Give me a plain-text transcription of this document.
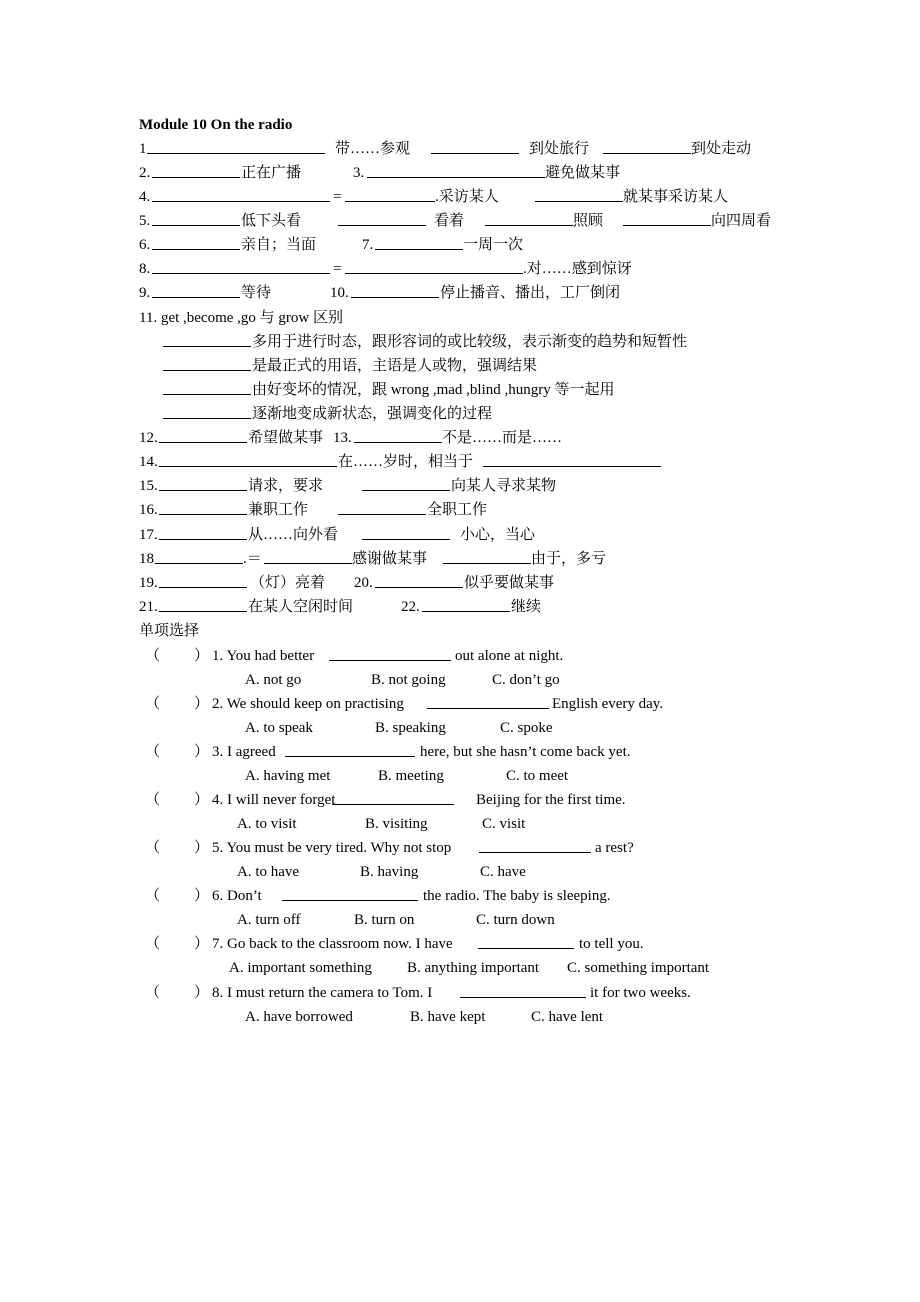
Module 10 On the radio
1	带……参观	到处旅行	到处走动
2.	正在广播	3.	避免做某事
4.	=	.采访某人	就某事采访某人
5.	低下头看	看着	照顾	向四周看
6.	亲自；当面	7.	一周一次
8.	=	.对……感到惊讶
9.	等待	10.	停止播音、播出，工厂倒闭
11. get ,become ,go 与 grow 区别
多用于进行时态，跟形容词的或比较级，表示渐变的趋势和短暂性
是最正式的用语，主语是人或物，强调结果
由好变坏的情况，跟 wrong ,mad ,blind ,hungry 等一起用
逐渐地变成新状态，强调变化的过程
12.	希望做某事 13.	不是……而是……
14.	在……岁时，相当于
15.	请求，要求	向某人寻求某物
16.	兼职工作	全职工作
17.	从……向外看	小心，当心
18	.＝	感谢做某事	由于，多亏
19.	（灯）亮着 20.	似乎要做某事
21.	在某人空闲时间	22.	继续
单项选择
（ ） 1. You had better	out alone at night.
A. not go	B. not going	C. don’t go
（ ） 2. We should keep on practising	English every day.
A. to speak	B. speaking	C. spoke
（ ） 3. I agreed	here, but she hasn’t come back yet.
A. having met	B. meeting	C. to meet
（ ） 4. I will never forget	Beijing for the first time.
A. to visit	B. visiting	C. visit
（ ） 5. You must be very tired. Why not stop	a rest?
A. to have	B. having	C. have
（ ） 6. Don’t	the radio. The baby is sleeping.
A. turn off	B. turn on	C. turn down
（ ） 7. Go back to the classroom now. I have	to tell you.
A. important something B. anything important C. something important
（ ） 8. I must return the camera to Tom. I	it for two weeks.
A. have borrowed	B. have kept	C. have lent
